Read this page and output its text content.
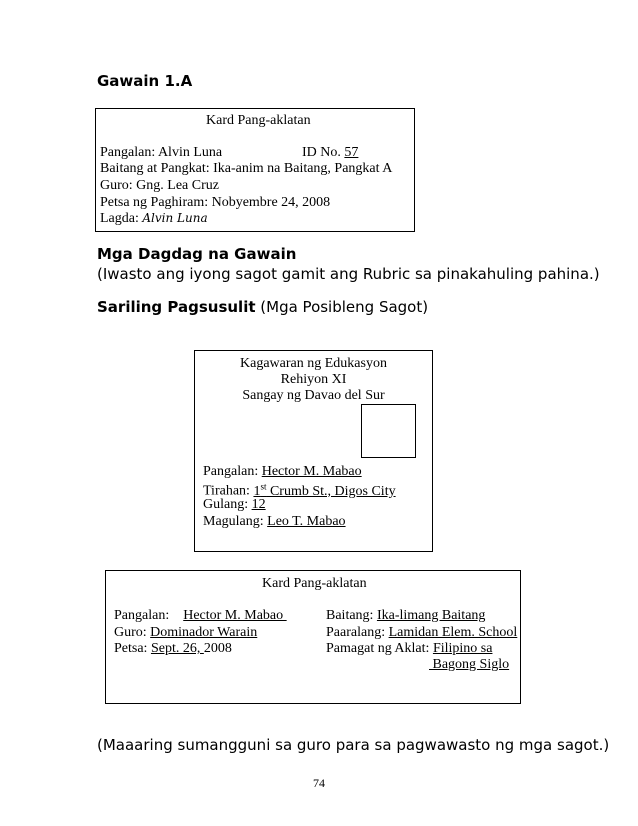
Gawain 1.A
Kard Pang-aklatan
Pangalan: Alvin Luna	ID No. 57
Baitang at Pangkat: Ika-anim na Baitang, Pangkat A
Guro: Gng. Lea Cruz
Petsa ng Paghiram: Nobyembre 24, 2008
Lagda: Alvin Luna
Mga Dagdag na Gawain
(Iwasto ang iyong sagot gamit ang Rubric sa pinakahuling pahina.)
Sariling Pagsusulit (Mga Posibleng Sagot)
Kagawaran ng Edukasyon
Rehiyon XI
Sangay ng Davao del Sur
Pangalan: Hector M. Mabao
Tirahan: 1st Crumb St., Digos City
Gulang: 12
Magulang: Leo T. Mabao
Kard Pang-aklatan
Pangalan:    Hector M. Mabao
Guro: Dominador Warain
Petsa: Sept. 26, 2008
Baitang: Ika-limang Baitang
Paaralang: Lamidan Elem. School
Pamagat ng Aklat: Filipino sa
Bagong Siglo
(Maaaring sumangguni sa guro para sa pagwawasto ng mga sagot.)
74
